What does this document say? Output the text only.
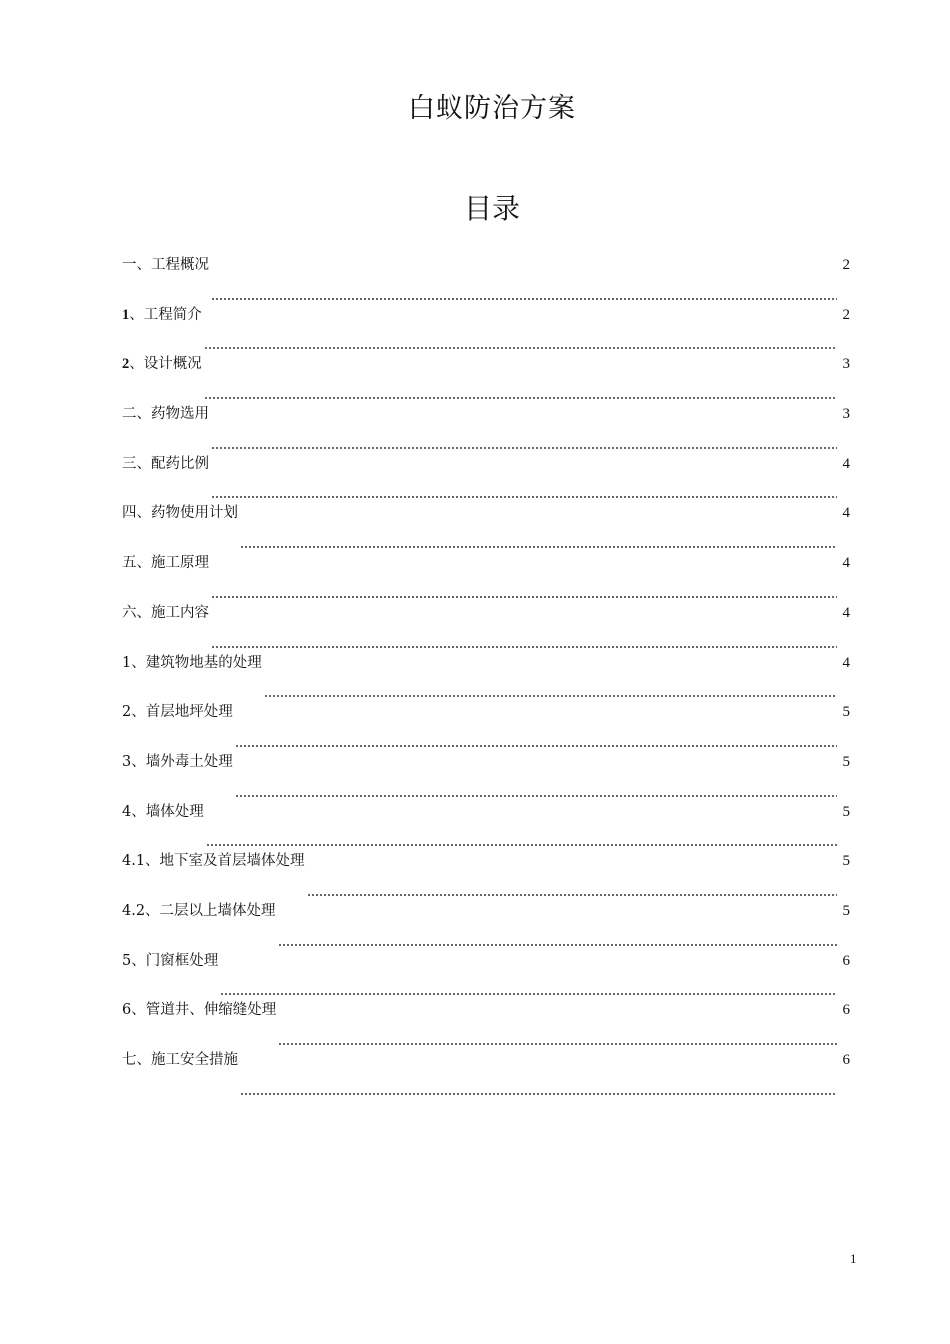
白蚁防治方案
目录
一、工程概况	2
1、工程简介	2
2、设计概况	3
二、药物选用	3
三、配药比例	4
四、药物使用计划	4
五、施工原理	4
六、施工内容	4
1、建筑物地基的处理	4
2、首层地坪处理	5
3、墙外毒土处理	5
4、墙体处理	5
4.1、地下室及首层墙体处理	5
4.2、二层以上墙体处理	5
5、门窗框处理	6
6、管道井、伸缩缝处理	6
七、施工安全措施	6
1
